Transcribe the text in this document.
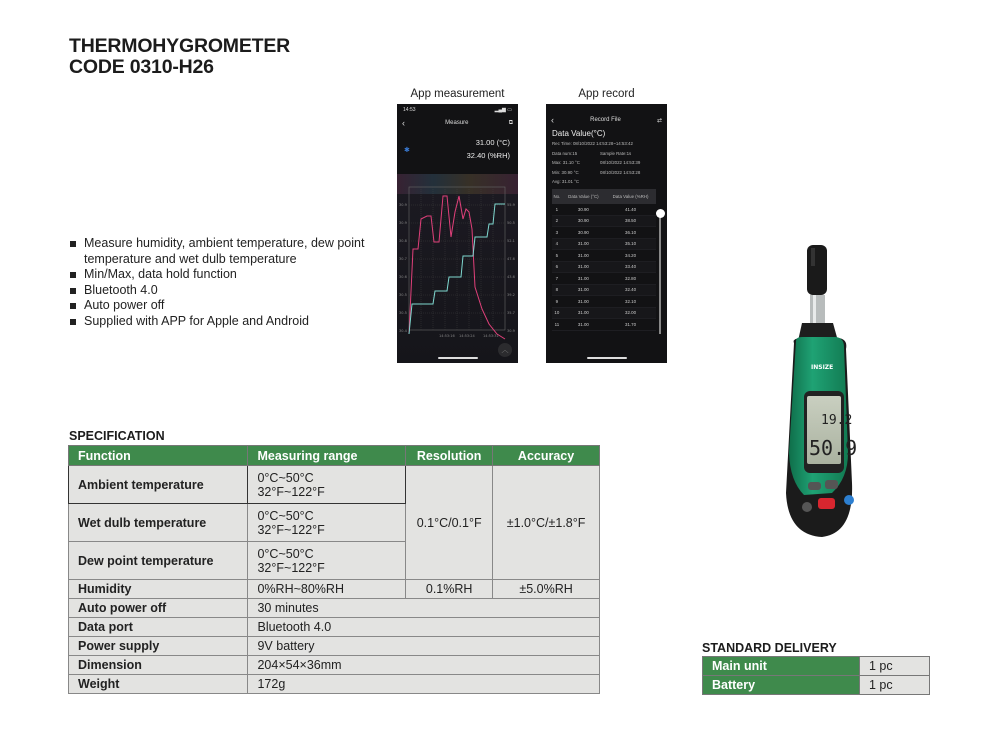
THERMOHYGROMETER
CODE 0310-H26
Measure humidity, ambient temperature, dew point temperature and wet dulb temperature
Min/Max, data hold function
Bluetooth 4.0
Auto power off
Supplied with APP for Apple and Android
App measurement
14:53	▂▄▆ ▭
‹	Measure	⧉
✱
31.00 (°C)
32.40 (%RH)
30.9
30.9
30.8
30.7
30.6
30.5
30.5
30.4
55.9
50.5
52.1
47.6
43.6
39.2
35.7
30.9
14:53:16 14:53:24 14:53:31
︿
App record
‹	Record File	⇄
Data Value(°C)
Rec Time: 08/10/2022 14:53:28~14:53:42
Data num:15	Sample Rate:1s
Max: 31.10 °C	08/10/2022 14:53:39
Min: 30.90 °C	08/10/2022 14:53:28
Avg: 31.01 °C
No.	Data Value (°C)	Data Value (%RH)
1	30.90	41.40
2	30.90	38.50
3	30.90	36.10
4	31.00	35.10
5	31.00	34.20
6	31.00	33.40
7	31.00	32.80
8	31.00	32.40
9	31.00	32.10
10	31.00	32.00
11	31.00	31.70
INSIZE
19.2
50.9
SPECIFICATION
Function	Measuring range	Resolution	Accuracy
Ambient temperature	0°C~50°C
32°F~122°F	0.1°C/0.1°F	±1.0°C/±1.8°F
Wet dulb temperature	0°C~50°C
32°F~122°F		

Dew point temperature	0°C~50°C
32°F~122°F		

Humidity	0%RH~80%RH	0.1%RH	±5.0%RH
Auto power off	30 minutes		
Data port	Bluetooth 4.0		
Power supply	9V battery		
Dimension	204×54×36mm		
Weight	172g		
STANDARD DELIVERY
Main unit	1 pc
Battery	1 pc
